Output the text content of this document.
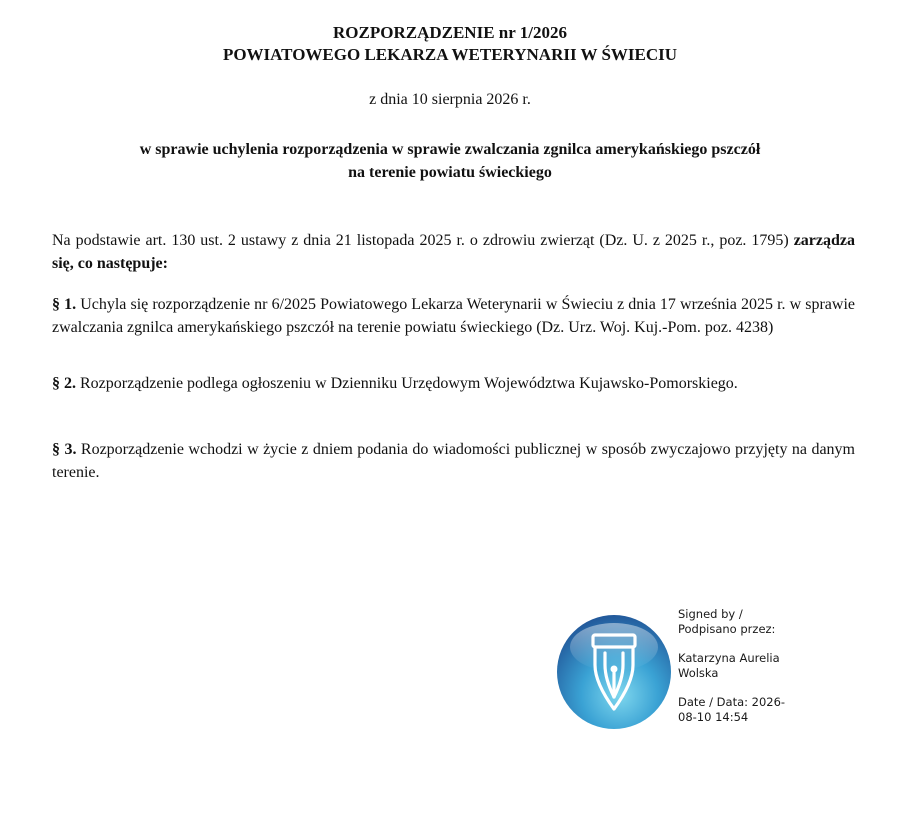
ROZPORZĄDZENIE nr 1/2026
POWIATOWEGO LEKARZA WETERYNARII W ŚWIECIU
z dnia 10 sierpnia 2026 r.
w sprawie uchylenia rozporządzenia w sprawie zwalczania zgnilca amerykańskiego pszczół
na terenie powiatu świeckiego
Na podstawie art. 130 ust. 2 ustawy z dnia 21 listopada 2025 r. o zdrowiu zwierząt (Dz. U. z 2025 r., poz. 1795) zarządza się, co następuje:
§ 1. Uchyla się rozporządzenie nr 6/2025 Powiatowego Lekarza Weterynarii w Świeciu z dnia 17 września 2025 r. w sprawie zwalczania zgnilca amerykańskiego pszczół na terenie powiatu świeckiego (Dz. Urz. Woj. Kuj.-Pom. poz. 4238)
§ 2. Rozporządzenie podlega ogłoszeniu w Dzienniku Urzędowym Województwa Kujawsko-Pomorskiego.
§ 3. Rozporządzenie wchodzi w życie z dniem podania do wiadomości publicznej w sposób zwyczajowo przyjęty na danym terenie.
Signed by /
Podpisano przez:
Katarzyna Aurelia
Wolska
Date / Data: 2026-
08-10 14:54
